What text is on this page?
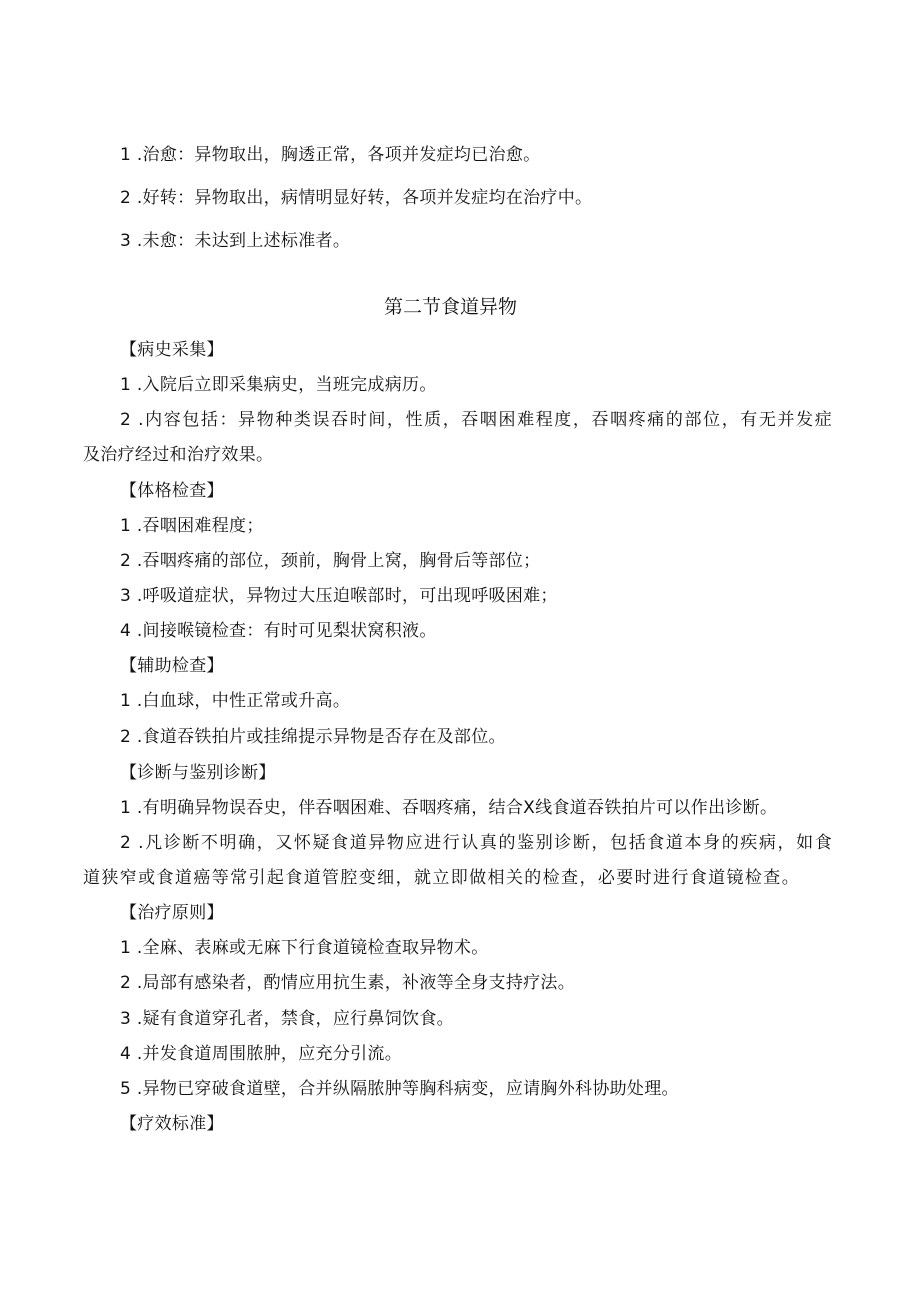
1 .治愈：异物取出，胸透正常，各项并发症均已治愈。
2 .好转：异物取出，病情明显好转，各项并发症均在治疗中。
3 .未愈：未达到上述标准者。
第二节食道异物
【病史采集】
1 .入院后立即采集病史，当班完成病历。
2 .内容包括：异物种类误吞时间，性质，吞咽困难程度，吞咽疼痛的部位，有无并发症
及治疗经过和治疗效果。
【体格检查】
1 .吞咽困难程度；
2 .吞咽疼痛的部位，颈前，胸骨上窝，胸骨后等部位；
3 .呼吸道症状，异物过大压迫喉部时，可出现呼吸困难；
4 .间接喉镜检查：有时可见梨状窝积液。
【辅助检查】
1 .白血球，中性正常或升高。
2 .食道吞铁拍片或挂绵提示异物是否存在及部位。
【诊断与鉴别诊断】
1 .有明确异物误吞史，伴吞咽困难、吞咽疼痛，结合X线食道吞铁拍片可以作出诊断。
2 .凡诊断不明确，又怀疑食道异物应进行认真的鉴别诊断，包括食道本身的疾病，如食
道狭窄或食道癌等常引起食道管腔变细，就立即做相关的检查，必要时进行食道镜检查。
【治疗原则】
1 .全麻、表麻或无麻下行食道镜检查取异物术。
2 .局部有感染者，酌情应用抗生素，补液等全身支持疗法。
3 .疑有食道穿孔者，禁食，应行鼻饲饮食。
4 .并发食道周围脓肿，应充分引流。
5 .异物已穿破食道壁，合并纵隔脓肿等胸科病变，应请胸外科协助处理。
【疗效标准】
